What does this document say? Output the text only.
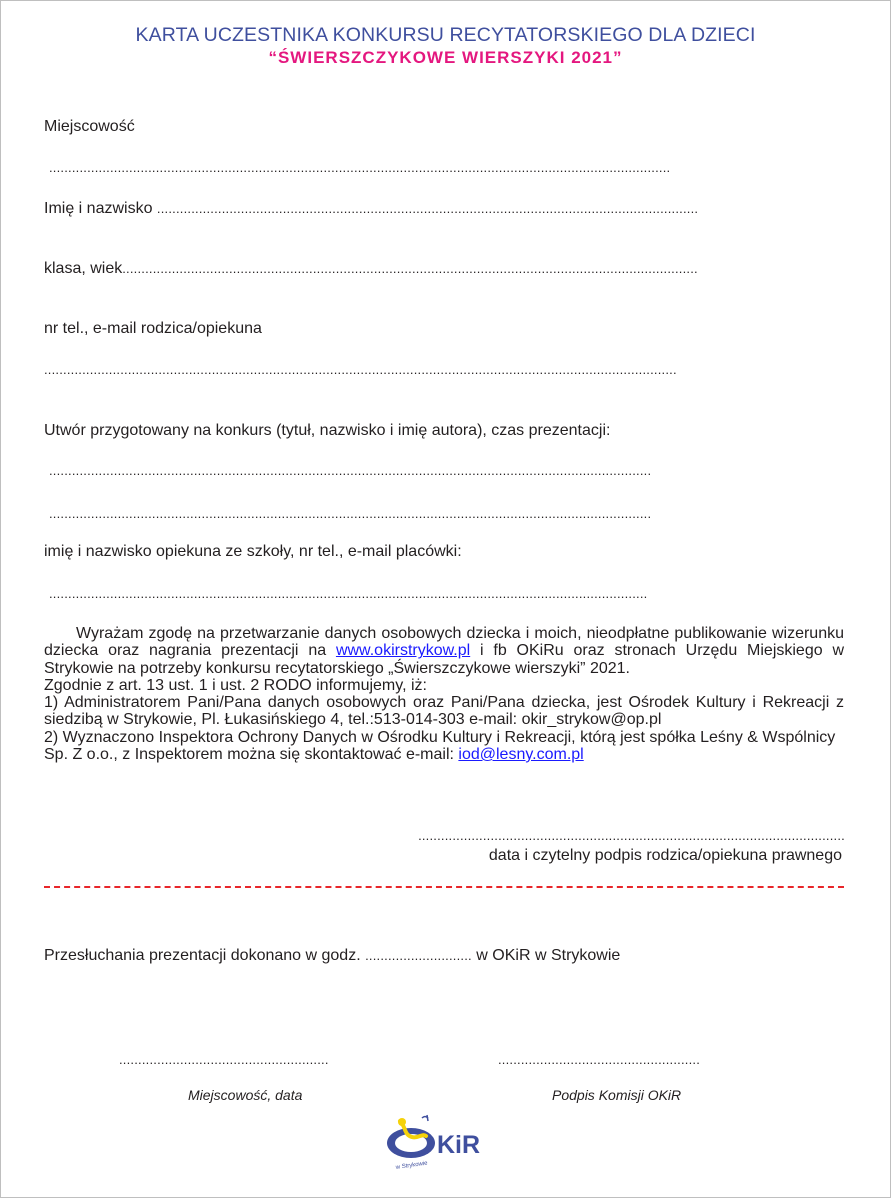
KARTA UCZESTNIKA KONKURSU RECYTATORSKIEGO DLA DZIECI
“ŚWIERSZCZYKOWE WIERSZYKI 2021”
Miejscowość
...................................................................................................................................................................
Imię i nazwisko ..............................................................................................................................................
klasa, wiek.......................................................................................................................................................
nr tel., e-mail rodzica/opiekuna
......................................................................................................................................................................
Utwór przygotowany na konkurs (tytuł, nazwisko i imię autora), czas prezentacji:
..............................................................................................................................................................
..............................................................................................................................................................
imię i nazwisko opiekuna ze szkoły, nr tel., e-mail placówki:
.............................................................................................................................................................

Wyrażam zgodę na przetwarzanie danych osobowych dziecka i moich, nieodpłatne publikowanie wizerunku dziecka oraz nagrania prezentacji na www.okirstrykow.pl i fb OKiRu oraz stronach Urzędu Miejskiego w Strykowie na potrzeby konkursu recytatorskiego „Świerszczykowe wierszyki” 2021.

Zgodnie z art. 13 ust. 1 i ust. 2 RODO informujemy, iż:

1) Administratorem Pani/Pana danych osobowych oraz Pani/Pana dziecka, jest Ośrodek Kultury i Rekreacji z siedzibą w Strykowie, Pl. Łukasińskiego 4, tel.:513-014-303 e-mail: okir_strykow@op.pl

2) Wyznaczono Inspektora Ochrony Danych w Ośrodku Kultury i Rekreacji, którą jest spółka Leśny & Wspólnicy Sp. Z o.o., z Inspektorem można się skontaktować e-mail: iod@lesny.com.pl

................................................................................................................
data i czytelny podpis rodzica/opiekuna prawnego
Przesłuchania prezentacji dokonano w godz. ............................ w OKiR w Strykowie
.......................................................
Miejscowość, data
.....................................................
Podpis Komisji OKiR
KiR
w Strykowie
